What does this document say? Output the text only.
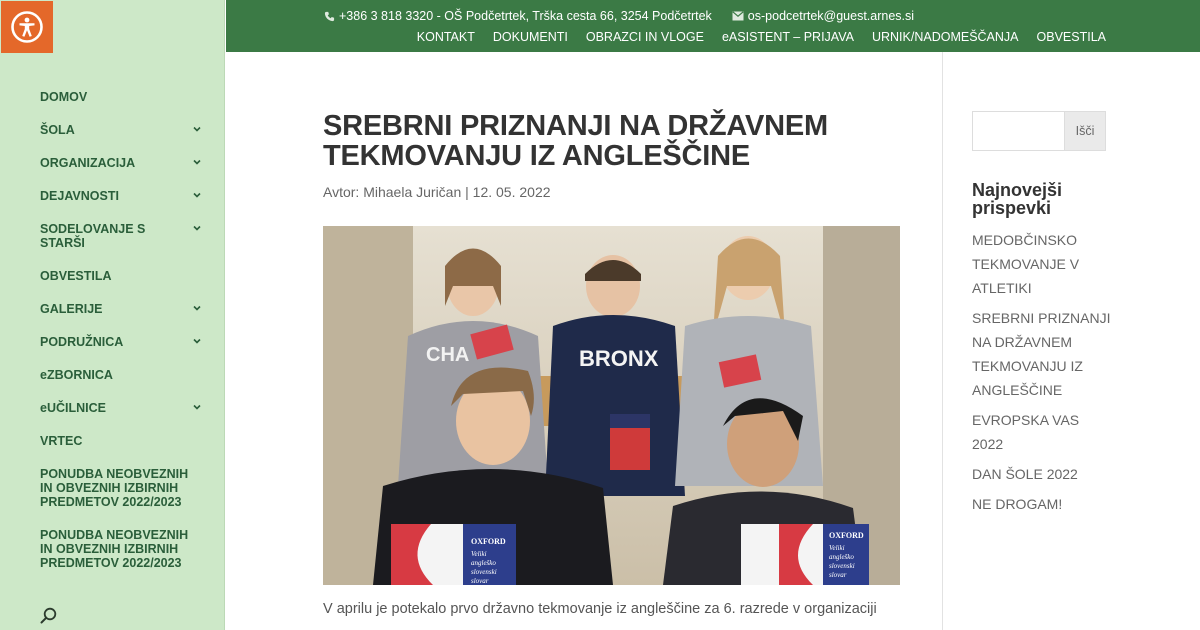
DOMOV
ŠOLA
ORGANIZACIJA
DEJAVNOSTI
SODELOVANJE S STARŠI
OBVESTILA
GALERIJE
PODRUŽNICA
eZBORNICA
eUČILNICE
VRTEC
PONUDBA NEOBVEZNIH IN OBVEZNIH IZBIRNIH PREDMETOV 2022/2023
PONUDBA NEOBVEZNIH IN OBVEZNIH IZBIRNIH PREDMETOV 2022/2023
+386 3 818 3320 - OŠ Podčetrtek, Trška cesta 66, 3254 Podčetrtek	os-podcetrtek@guest.arnes.si
KONTAKT DOKUMENTI OBRAZCI IN VLOGE eASISTENT – PRIJAVA URNIK/NADOMEŠČANJA OBVESTILA
SREBRNI PRIZNANJI NA DRŽAVNEM TEKMOVANJU IZ ANGLEŠČINE
Avtor: Mihaela Juričan | 12. 05. 2022
CHA	BRONX
OXFORD
Veliki
angleško
slovenski
slovar
OXFORD
Veliki
angleško
slovenski
slovar
V aprilu je potekalo prvo državno tekmovanje iz angleščine za 6. razrede v organizaciji
Išči
Najnovejši prispevki
MEDOBČINSKO TEKMOVANJE V ATLETIKI
SREBRNI PRIZNANJI NA DRŽAVNEM TEKMOVANJU IZ ANGLEŠČINE
EVROPSKA VAS 2022
DAN ŠOLE 2022
NE DROGAM!
